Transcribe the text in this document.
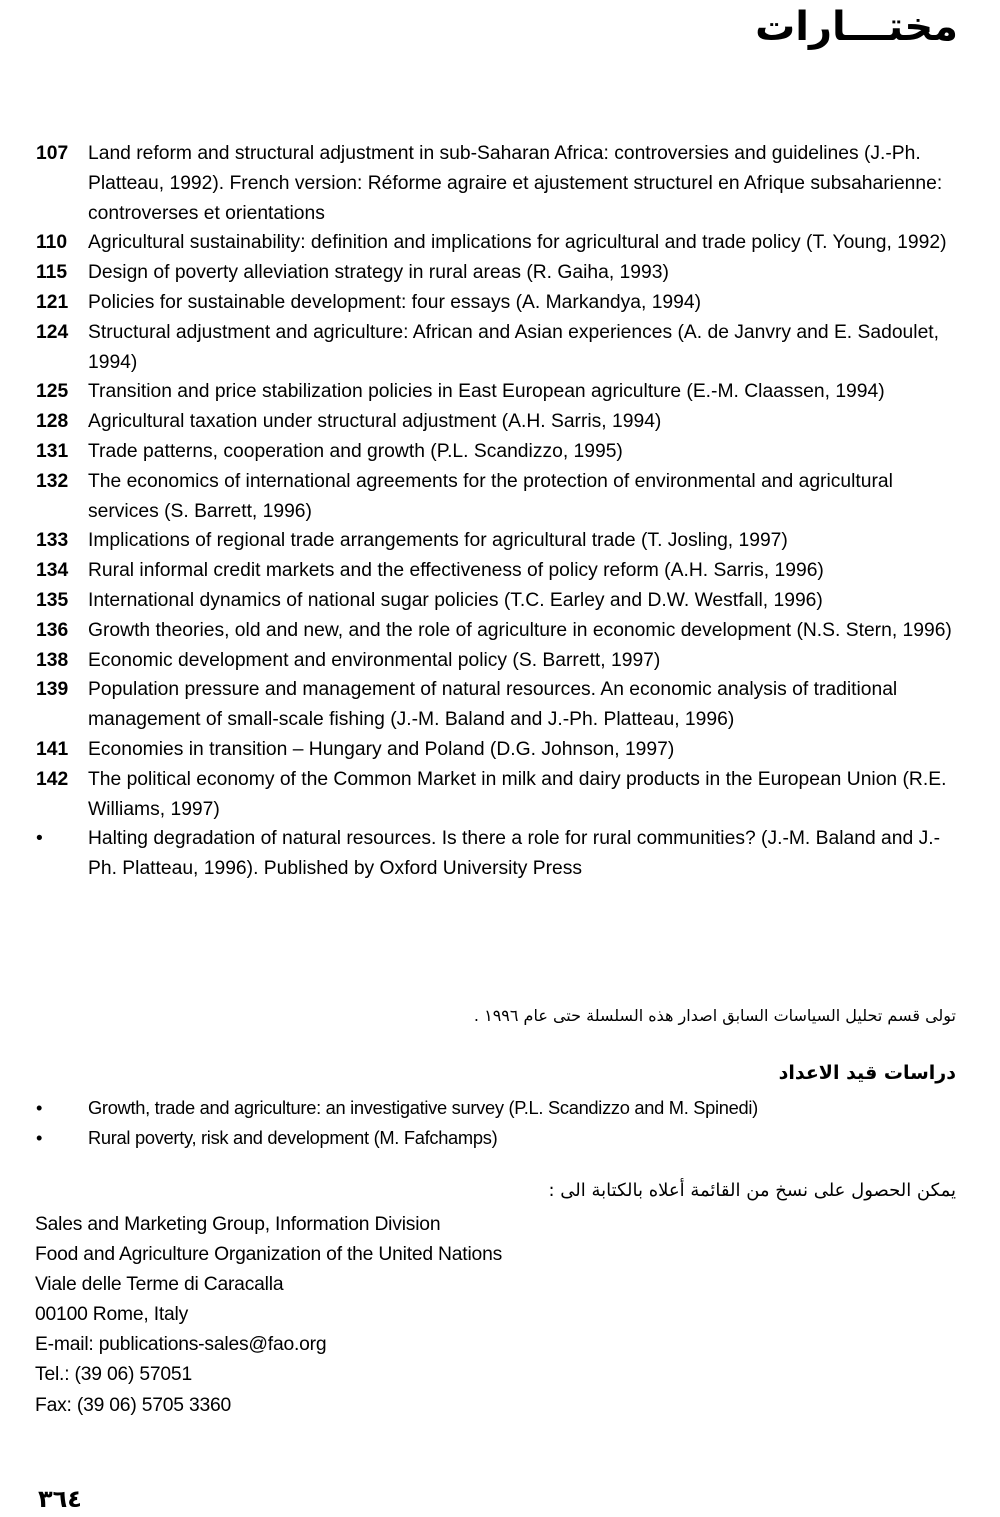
مختـــارات
107	Land reform and structural adjustment in sub-Saharan Africa: controversies and guidelines (J.-Ph. Platteau, 1992). French version: Réforme agraire et ajustement structurel en Afrique subsaharienne: controverses et orientations
110	Agricultural sustainability: definition and implications for agricultural and trade policy (T. Young, 1992)
115	Design of poverty alleviation strategy in rural areas (R. Gaiha, 1993)
121	Policies for sustainable development: four essays (A. Markandya, 1994)
124	Structural adjustment and agriculture: African and Asian experiences (A. de Janvry and E. Sadoulet, 1994)
125	Transition and price stabilization policies in East European agriculture (E.-M. Claassen, 1994)
128	Agricultural taxation under structural adjustment (A.H. Sarris, 1994)
131	Trade patterns, cooperation and growth (P.L. Scandizzo, 1995)
132	The economics of international agreements for the protection of environmental and agricultural services (S. Barrett, 1996)
133	Implications of regional trade arrangements for agricultural trade (T. Josling, 1997)
134	Rural informal credit markets and the effectiveness of policy reform (A.H. Sarris, 1996)
135	International dynamics of national sugar policies (T.C. Earley and D.W. Westfall, 1996)
136	Growth theories, old and new, and the role of agriculture in economic development (N.S. Stern, 1996)
138	Economic development and environmental policy (S. Barrett, 1997)
139	Population pressure and management of natural resources. An economic analysis of traditional management of small-scale fishing (J.-M. Baland and J.-Ph. Platteau, 1996)
141	Economies in transition – Hungary and Poland (D.G. Johnson, 1997)
142	The political economy of the Common Market in milk and dairy products in the European Union (R.E. Williams, 1997)
•	Halting degradation of natural resources. Is there a role for rural communities? (J.-M. Baland and J.-Ph. Platteau, 1996). Published by Oxford University Press
تولى قسم تحليل السياسات السابق اصدار هذه السلسلة حتى عام ١٩٩٦ .
دراسات قيد الاعداد
•	Growth, trade and agriculture: an investigative survey (P.L. Scandizzo and M. Spinedi)
•	Rural poverty, risk and development (M. Fafchamps)
يمكن الحصول على نسخ من القائمة أعلاه بالكتابة الى :
Sales and Marketing Group, Information Division
Food and Agriculture Organization of the United Nations
Viale delle Terme di Caracalla
00100 Rome, Italy
E-mail: publications-sales@fao.org
Tel.: (39 06) 57051
Fax: (39 06) 5705 3360
٣٦٤
